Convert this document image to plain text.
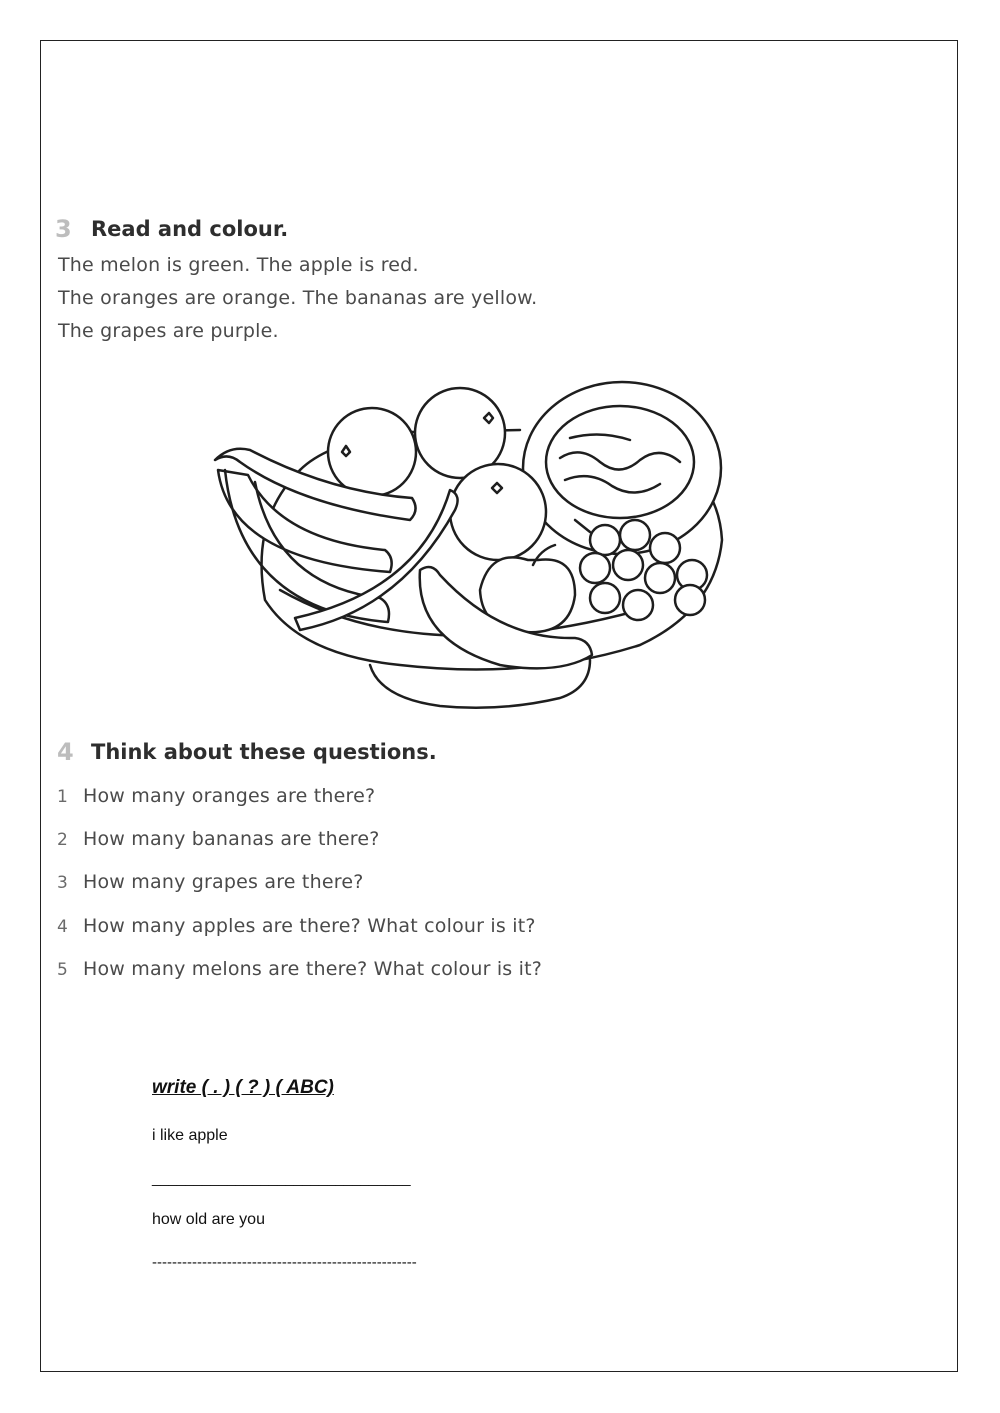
3 Read and colour.
The melon is green. The apple is red.
The oranges are orange. The bananas are yellow.
The grapes are purple.
4 Think about these questions.
1 How many oranges are there?
2 How many bananas are there?
3 How many grapes are there?
4 How many apples are there? What colour is it?
5 How many melons are there? What colour is it?
write ( . ) ( ? ) ( ABC)
i like apple
_______________________________
how old are you
-----------------------------------------------------
